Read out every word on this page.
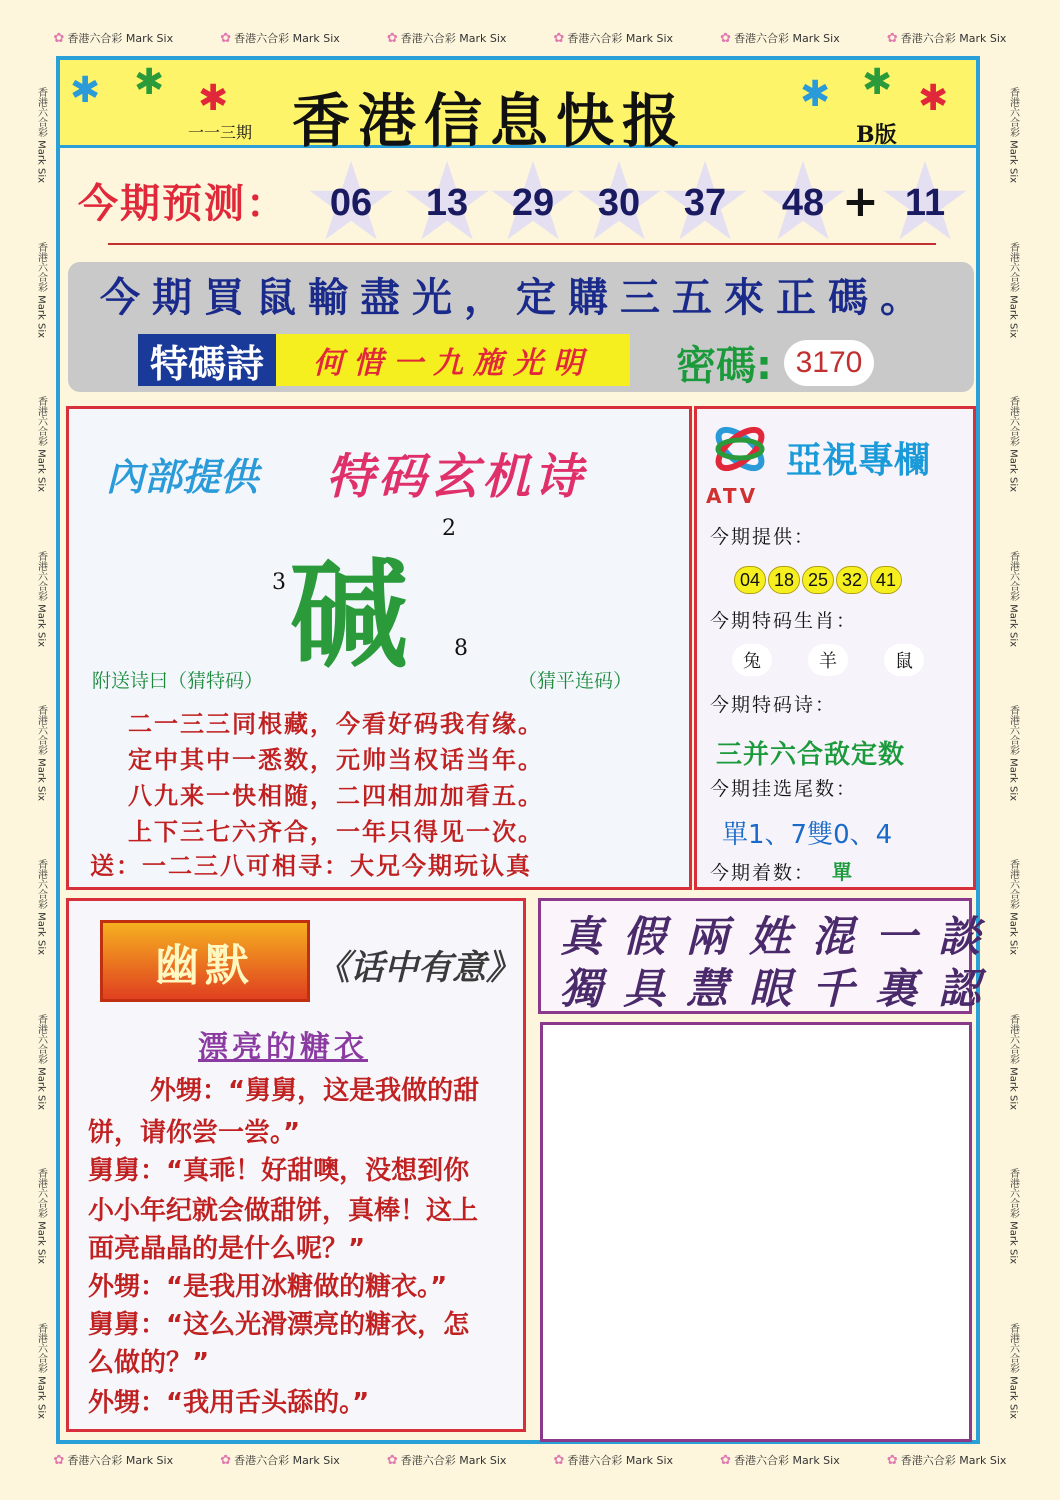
✿ 香港六合彩 Mark Six	✿ 香港六合彩 Mark Six	✿ 香港六合彩 Mark Six	✿ 香港六合彩 Mark Six	✿ 香港六合彩 Mark Six	✿ 香港六合彩 Mark Six
✿ 香港六合彩 Mark Six	✿ 香港六合彩 Mark Six	✿ 香港六合彩 Mark Six	✿ 香港六合彩 Mark Six	✿ 香港六合彩 Mark Six	✿ 香港六合彩 Mark Six
香港六合彩 Mark Six
香港六合彩 Mark Six
香港六合彩 Mark Six
香港六合彩 Mark Six
香港六合彩 Mark Six
香港六合彩 Mark Six
香港六合彩 Mark Six
香港六合彩 Mark Six
香港六合彩 Mark Six
香港六合彩 Mark Six
香港六合彩 Mark Six
香港六合彩 Mark Six
香港六合彩 Mark Six
香港六合彩 Mark Six
香港六合彩 Mark Six
香港六合彩 Mark Six
香港六合彩 Mark Six
香港六合彩 Mark Six
✱ ✱ ✱	✱ ✱ ✱
香港信息快报
一一三期	B版
今期预测： ★ 06 ★ 13 ★ 29 ★ 30 ★ 37 ★ 48 + ★ 11
今期買鼠輸盡光，定購三五來正碼。
特碼詩	何惜一九施光明	密碼: 3170
內部提供 特码玄机诗
碱
2
3
8
附送诗曰（猜特码）	（猜平连码）
二一三三同根藏，今看好码我有缘。
定中其中一悉数，元帅当权话当年。
八九来一快相随，二四相加加看五。
上下三七六齐合，一年只得见一次。
送：一二三八可相寻：大兄今期玩认真
亞視專欄
ATV
今期提供：
04 18 25 32 41
今期特码生肖：
兔	羊	鼠
今期特码诗：
三并六合敌定数
今期挂选尾数：
單1、7雙0、4
今期着数： 單
幽默	《话中有意》
漂亮的糖衣
外甥：“舅舅，这是我做的甜
饼，请你尝一尝。”
舅舅：“真乖！好甜噢，没想到你
小小年纪就会做甜饼，真棒！这上
面亮晶晶的是什么呢？”
外甥：“是我用冰糖做的糖衣。”
舅舅：“这么光滑漂亮的糖衣，怎
么做的？”
外甥：“我用舌头舔的。”
真假兩姓混一談
獨具慧眼千裏認
